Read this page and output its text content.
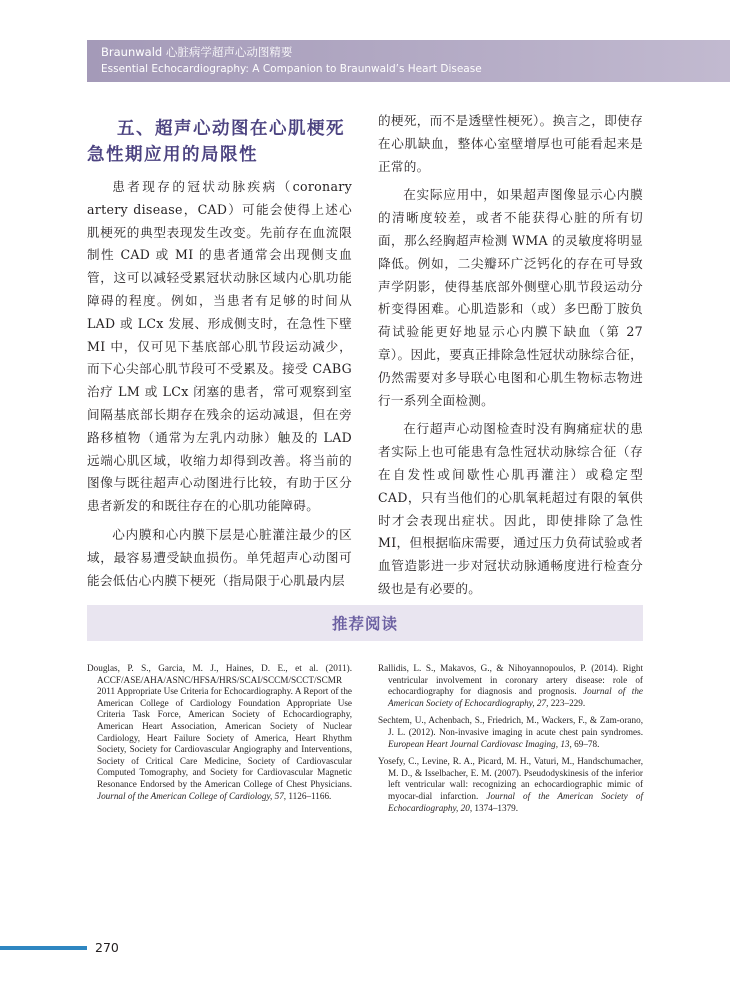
Braunwald 心脏病学超声心动图精要
Essential Echocardiography: A Companion to Braunwald’s Heart Disease
五、超声心动图在心肌梗死急性期应用的局限性

患者现存的冠状动脉疾病（coronary artery disease，CAD）可能会使得上述心肌梗死的典型表现发生改变。先前存在血流限制性 CAD 或 MI 的患者通常会出现侧支血管，这可以减轻受累冠状动脉区域内心肌功能障碍的程度。例如，当患者有足够的时间从 LAD 或 LCx 发展、形成侧支时，在急性下壁 MI 中，仅可见下基底部心肌节段运动减少，而下心尖部心肌节段可不受累及。接受 CABG 治疗 LM 或 LCx 闭塞的患者，常可观察到室间隔基底部长期存在残余的运动减退，但在旁路移植物（通常为左乳内动脉）触及的 LAD 远端心肌区域，收缩力却得到改善。将当前的图像与既往超声心动图进行比较，有助于区分患者新发的和既往存在的心肌功能障碍。

心内膜和心内膜下层是心脏灌注最少的区域，最容易遭受缺血损伤。单凭超声心动图可能会低估心内膜下梗死（指局限于心肌最内层

的梗死，而不是透壁性梗死）。换言之，即使存在心肌缺血，整体心室壁增厚也可能看起来是正常的。

在实际应用中，如果超声图像显示心内膜的清晰度较差，或者不能获得心脏的所有切面，那么经胸超声检测 WMA 的灵敏度将明显降低。例如，二尖瓣环广泛钙化的存在可导致声学阴影，使得基底部外侧壁心肌节段运动分析变得困难。心肌造影和（或）多巴酚丁胺负荷试验能更好地显示心内膜下缺血（第 27 章）。因此，要真正排除急性冠状动脉综合征，仍然需要对多导联心电图和心肌生物标志物进行一系列全面检测。

在行超声心动图检查时没有胸痛症状的患者实际上也可能患有急性冠状动脉综合征（存在自发性或间歇性心肌再灌注）或稳定型 CAD，只有当他们的心肌氧耗超过有限的氧供时才会表现出症状。因此，即使排除了急性 MI，但根据临床需要，通过压力负荷试验或者血管造影进一步对冠状动脉通畅度进行检查分级也是有必要的。

推荐阅读

Douglas, P. S., Garcia, M. J., Haines, D. E., et al. (2011). ACCF/ASE/AHA/ASNC/HFSA/HRS/SCAI/SCCM/SCCT/SCMR 2011 Appropriate Use Criteria for Echocardiography. A Report of the American College of Cardiology Foundation Appropriate Use Criteria Task Force, American Society of Echocardiography, American Heart Association, American Society of Nuclear Cardiology, Heart Failure Society of America, Heart Rhythm Society, Society for Cardiovascular Angiography and Interventions, Society of Critical Care Medicine, Society of Cardiovascular Computed Tomography, and Society for Cardiovascular Magnetic Resonance Endorsed by the American College of Chest Physicians. Journal of the American College of Cardiology, 57, 1126–1166.

Rallidis, L. S., Makavos, G., & Nihoyannopoulos, P. (2014). Right ventricular involvement in coronary artery disease: role of echocardiography for diagnosis and prognosis. Journal of the American Society of Echocardiography, 27, 223–229.

Sechtem, U., Achenbach, S., Friedrich, M., Wackers, F., & Zam-orano, J. L. (2012). Non-invasive imaging in acute chest pain syndromes. European Heart Journal Cardiovasc Imaging, 13, 69–78.

Yosefy, C., Levine, R. A., Picard, M. H., Vaturi, M., Handschumacher, M. D., & Isselbacher, E. M. (2007). Pseudodyskinesis of the inferior left ventricular wall: recognizing an echocardiographic mimic of myocar-dial infarction. Journal of the American Society of Echocardiography, 20, 1374–1379.

270
